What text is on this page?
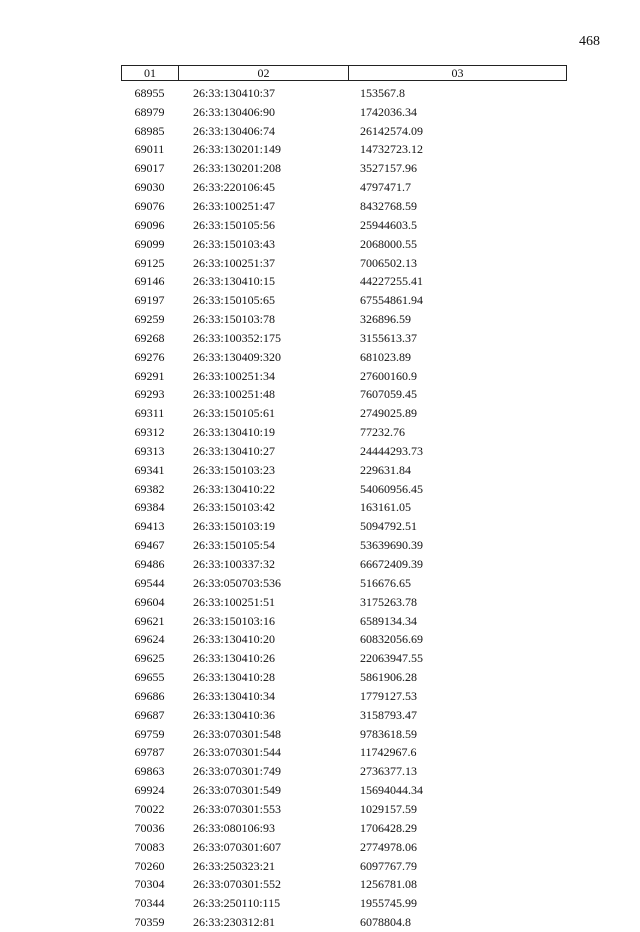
468
01	02	03
68955	26:33:130410:37	153567.8
68979	26:33:130406:90	1742036.34
68985	26:33:130406:74	26142574.09
69011	26:33:130201:149	14732723.12
69017	26:33:130201:208	3527157.96
69030	26:33:220106:45	4797471.7
69076	26:33:100251:47	8432768.59
69096	26:33:150105:56	25944603.5
69099	26:33:150103:43	2068000.55
69125	26:33:100251:37	7006502.13
69146	26:33:130410:15	44227255.41
69197	26:33:150105:65	67554861.94
69259	26:33:150103:78	326896.59
69268	26:33:100352:175	3155613.37
69276	26:33:130409:320	681023.89
69291	26:33:100251:34	27600160.9
69293	26:33:100251:48	7607059.45
69311	26:33:150105:61	2749025.89
69312	26:33:130410:19	77232.76
69313	26:33:130410:27	24444293.73
69341	26:33:150103:23	229631.84
69382	26:33:130410:22	54060956.45
69384	26:33:150103:42	163161.05
69413	26:33:150103:19	5094792.51
69467	26:33:150105:54	53639690.39
69486	26:33:100337:32	66672409.39
69544	26:33:050703:536	516676.65
69604	26:33:100251:51	3175263.78
69621	26:33:150103:16	6589134.34
69624	26:33:130410:20	60832056.69
69625	26:33:130410:26	22063947.55
69655	26:33:130410:28	5861906.28
69686	26:33:130410:34	1779127.53
69687	26:33:130410:36	3158793.47
69759	26:33:070301:548	9783618.59
69787	26:33:070301:544	11742967.6
69863	26:33:070301:749	2736377.13
69924	26:33:070301:549	15694044.34
70022	26:33:070301:553	1029157.59
70036	26:33:080106:93	1706428.29
70083	26:33:070301:607	2774978.06
70260	26:33:250323:21	6097767.79
70304	26:33:070301:552	1256781.08
70344	26:33:250110:115	1955745.99
70359	26:33:230312:81	6078804.8
